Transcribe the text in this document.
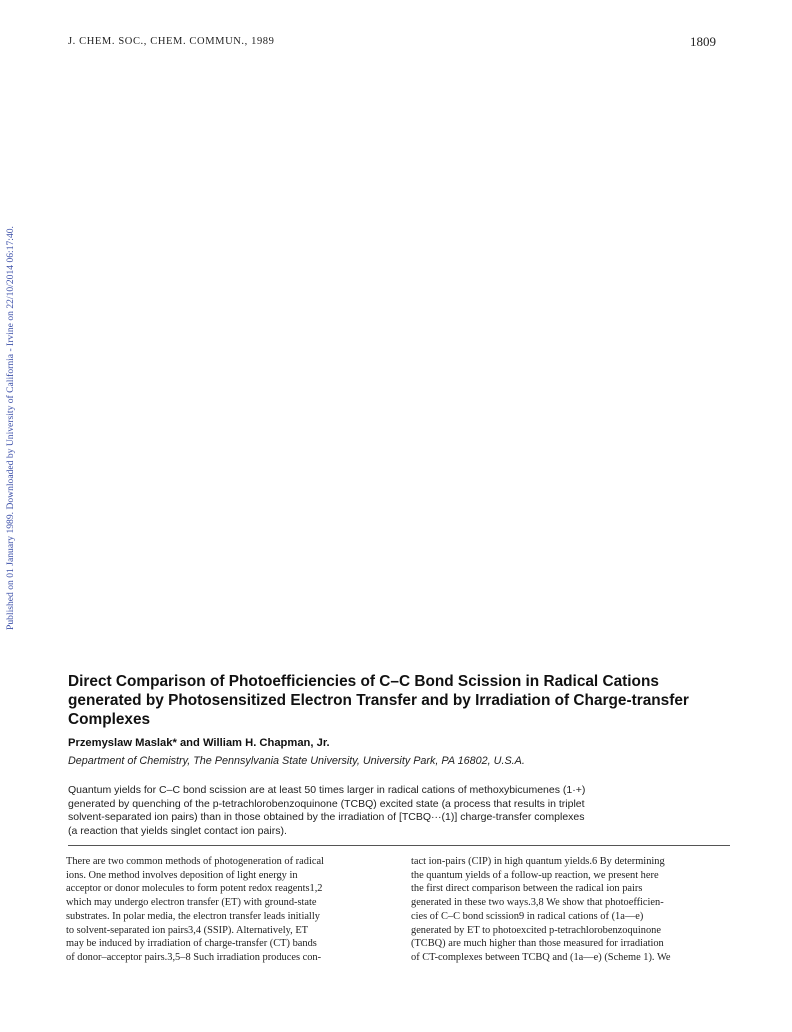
J. CHEM. SOC., CHEM. COMMUN., 1989	1809
Published on 01 January 1989. Downloaded by University of California - Irvine on 22/10/2014 06:17:40.
Direct Comparison of Photoefficiencies of C–C Bond Scission in Radical Cations
generated by Photosensitized Electron Transfer and by Irradiation of Charge-transfer
Complexes
Przemyslaw Maslak* and William H. Chapman, Jr.
Department of Chemistry, The Pennsylvania State University, University Park, PA 16802, U.S.A.
Quantum yields for C–C bond scission are at least 50 times larger in radical cations of methoxybicumenes (1·+)
generated by quenching of the p-tetrachlorobenzoquinone (TCBQ) excited state (a process that results in triplet
solvent-separated ion pairs) than in those obtained by the irradiation of [TCBQ···(1)] charge-transfer complexes
(a reaction that yields singlet contact ion pairs).
There are two common methods of photogeneration of radical
ions. One method involves deposition of light energy in
acceptor or donor molecules to form potent redox reagents1,2
which may undergo electron transfer (ET) with ground-state
substrates. In polar media, the electron transfer leads initially
to solvent-separated ion pairs3,4 (SSIP). Alternatively, ET
may be induced by irradiation of charge-transfer (CT) bands
of donor–acceptor pairs.3,5–8 Such irradiation produces con-
tact ion-pairs (CIP) in high quantum yields.6 By determining
the quantum yields of a follow-up reaction, we present here
the first direct comparison between the radical ion pairs
generated in these two ways.3,8 We show that photoefficien-
cies of C–C bond scission9 in radical cations of (1a—e)
generated by ET to photoexcited p-tetrachlorobenzoquinone
(TCBQ) are much higher than those measured for irradiation
of CT-complexes between TCBQ and (1a—e) (Scheme 1). We
